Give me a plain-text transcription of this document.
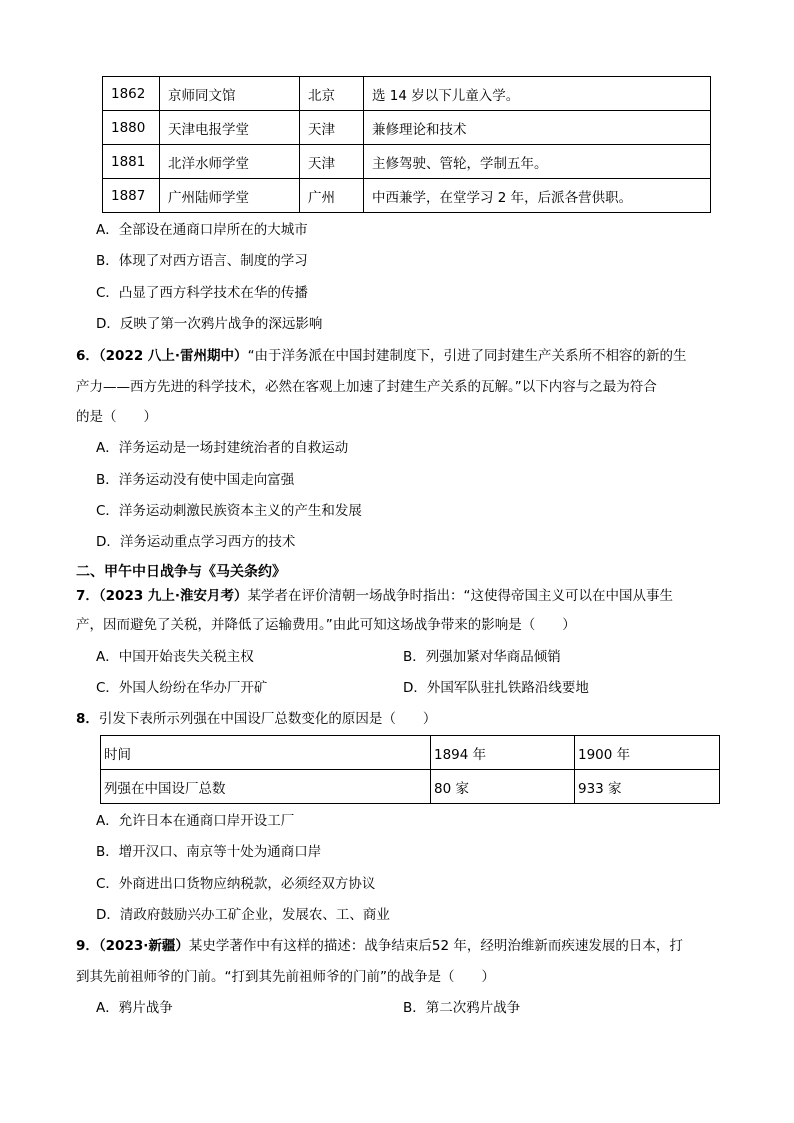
1862	京师同文馆	北京	选 14 岁以下儿童入学。
1880	天津电报学堂	天津	兼修理论和技术
1881	北洋水师学堂	天津	主修驾驶、管轮，学制五年。
1887	广州陆师学堂	广州	中西兼学，在堂学习 2 年，后派各营供职。
A．全部设在通商口岸所在的大城市
B．体现了对西方语言、制度的学习
C．凸显了西方科学技术在华的传播
D．反映了第一次鸦片战争的深远影响
6．（2022 八上·雷州期中）“由于洋务派在中国封建制度下，引进了同封建生产关系所不相容的新的生
产力——西方先进的科学技术，必然在客观上加速了封建生产关系的瓦解。”以下内容与之最为符合
的是（　　）
A．洋务运动是一场封建统治者的自救运动
B．洋务运动没有使中国走向富强
C．洋务运动刺激民族资本主义的产生和发展
D．洋务运动重点学习西方的技术
二、甲午中日战争与《马关条约》
7．（2023 九上·淮安月考）某学者在评价清朝一场战争时指出：“这使得帝国主义可以在中国从事生
产，因而避免了关税，并降低了运输费用。”由此可知这场战争带来的影响是（　　）
A．中国开始丧失关税主权	B．列强加紧对华商品倾销
C．外国人纷纷在华办厂开矿	D．外国军队驻扎铁路沿线要地
8．引发下表所示列强在中国设厂总数变化的原因是（　　）
时间	1894 年	1900 年
列强在中国设厂总数	80 家	933 家
A．允许日本在通商口岸开设工厂
B．增开汉口、南京等十处为通商口岸
C．外商进出口货物应纳税款，必须经双方协议
D．清政府鼓励兴办工矿企业，发展农、工、商业
9．（2023·新疆）某史学著作中有这样的描述：战争结束后52 年，经明治维新而疾速发展的日本，打
到其先前祖师爷的门前。“打到其先前祖师爷的门前”的战争是（　　）
A．鸦片战争	B．第二次鸦片战争
